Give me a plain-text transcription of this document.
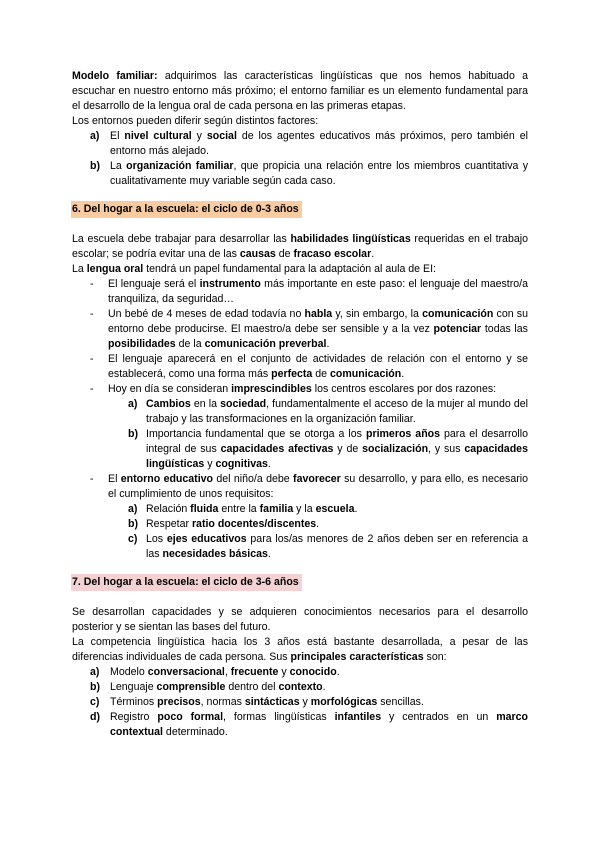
Modelo familiar: adquirimos las características lingüísticas que nos hemos habituado a escuchar en nuestro entorno más próximo; el entorno familiar es un elemento fundamental para el desarrollo de la lengua oral de cada persona en las primeras etapas.

Los entornos pueden diferir según distintos factores:

a) El nivel cultural y social de los agentes educativos más próximos, pero también el entorno más alejado.
b) La organización familiar, que propicia una relación entre los miembros cuantitativa y cualitativamente muy variable según cada caso.
6. Del hogar a la escuela: el ciclo de 0-3 años

La escuela debe trabajar para desarrollar las habilidades lingüísticas requeridas en el trabajo escolar; se podría evitar una de las causas de fracaso escolar.

La lengua oral tendrá un papel fundamental para la adaptación al aula de EI:

- El lenguaje será el instrumento más importante en este paso: el lenguaje del maestro/a tranquiliza, da seguridad…
- Un bebé de 4 meses de edad todavía no habla y, sin embargo, la comunicación con su entorno debe producirse. El maestro/a debe ser sensible y a la vez potenciar todas las posibilidades de la comunicación preverbal.
- El lenguaje aparecerá en el conjunto de actividades de relación con el entorno y se establecerá, como una forma más perfecta de comunicación.
- Hoy en día se consideran imprescindibles los centros escolares por dos razones:
a) Cambios en la sociedad, fundamentalmente el acceso de la mujer al mundo del trabajo y las transformaciones en la organización familiar.
b) Importancia fundamental que se otorga a los primeros años para el desarrollo integral de sus capacidades afectivas y de socialización, y sus capacidades lingüísticas y cognitivas.
- El entorno educativo del niño/a debe favorecer su desarrollo, y para ello, es necesario el cumplimiento de unos requisitos:
a) Relación fluida entre la familia y la escuela.
b) Respetar ratio docentes/discentes.
c) Los ejes educativos para los/as menores de 2 años deben ser en referencia a las necesidades básicas.
7. Del hogar a la escuela: el ciclo de 3-6 años

Se desarrollan capacidades y se adquieren conocimientos necesarios para el desarrollo posterior y se sientan las bases del futuro.

La competencia lingüística hacia los 3 años está bastante desarrollada, a pesar de las diferencias individuales de cada persona. Sus principales características son:

a) Modelo conversacional, frecuente y conocido.
b) Lenguaje comprensible dentro del contexto.
c) Términos precisos, normas sintácticas y morfológicas sencillas.
d) Registro poco formal, formas lingüísticas infantiles y centrados en un marco contextual determinado.
